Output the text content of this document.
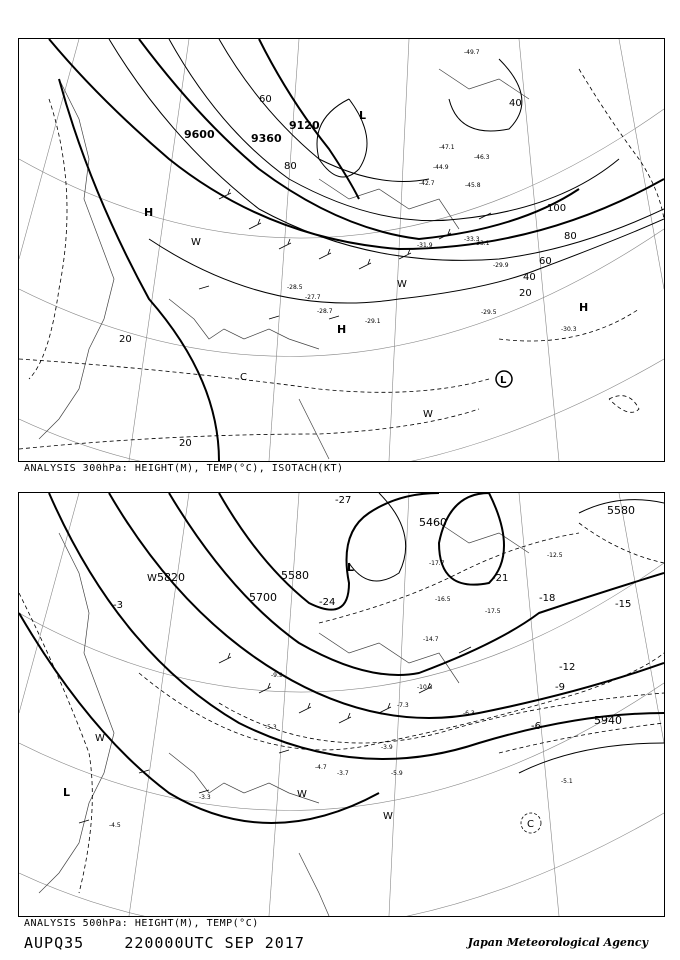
9600	9360
9120
20
20
20
40
40
60
60
80
80
100
H
H
H
L
L
W
W
W
C
-29.5
-30.3
-29.1
-28.7
-27.7
-28.5
-47.1
-44.9
-46.3
-42.7
-49.7
-45.8
-33.3
-31.9
-29.9
-33.1
ANALYSIS 300hPa: HEIGHT(M), TEMP(°C), ISOTACH(KT)
5820
5700
5580
5460
5940
5580
-3
-6
-9
-12
-15
-18
-21
-24
-27
L
L
W
W
W
W
C
-3.9
-4.7
-3.7	-5.9
-5.1
-4.5
-17.7
-16.5
-17.5
-14.7
-12.5
-9.9
-10.3
-6.3
-5.3
-7.3
-3.3
ANALYSIS 500hPa: HEIGHT(M), TEMP(°C)
AUPQ35	220000UTC SEP 2017	Japan Meteorological Agency
